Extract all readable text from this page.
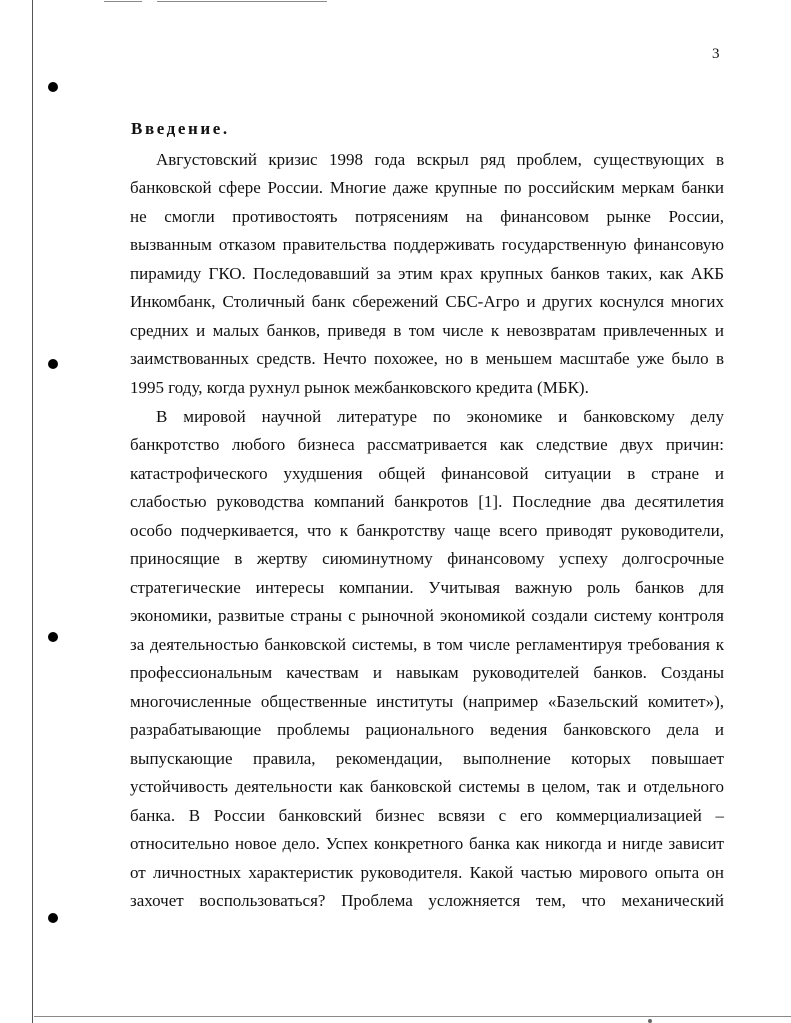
3
Введение.
Августовский кризис 1998 года вскрыл ряд проблем, существующих в
банковской сфере России. Многие даже крупные по российским меркам банки
не смогли противостоять потрясениям на финансовом рынке России,
вызванным отказом правительства поддерживать государственную финансовую
пирамиду ГКО. Последовавший за этим крах крупных банков таких, как АКБ
Инкомбанк, Столичный банк сбережений СБС-Агро и других коснулся многих
средних и малых банков, приведя в том числе к невозвратам привлеченных и
заимствованных средств. Нечто похожее, но в меньшем масштабе уже было в
1995 году, когда рухнул рынок межбанковского кредита (МБК).
В мировой научной литературе по экономике и банковскому делу
банкротство любого бизнеса рассматривается как следствие двух причин:
катастрофического ухудшения общей финансовой ситуации в стране и
слабостью руководства компаний банкротов [1]. Последние два десятилетия
особо подчеркивается, что к банкротству чаще всего приводят руководители,
приносящие в жертву сиюминутному финансовому успеху долгосрочные
стратегические интересы компании. Учитывая важную роль банков для
экономики, развитые страны с рыночной экономикой создали систему контроля
за деятельностью банковской системы, в том числе регламентируя требования к
профессиональным качествам и навыкам руководителей банков. Созданы
многочисленные общественные институты (например «Базельский комитет»),
разрабатывающие проблемы рационального ведения банковского дела и
выпускающие правила, рекомендации, выполнение которых повышает
устойчивость деятельности как банковской системы в целом, так и отдельного
банка. В России банковский бизнес всвязи с его коммерциализацией –
относительно новое дело. Успех конкретного банка как никогда и нигде зависит
от личностных характеристик руководителя. Какой частью мирового опыта он
захочет воспользоваться? Проблема усложняется тем, что механический
